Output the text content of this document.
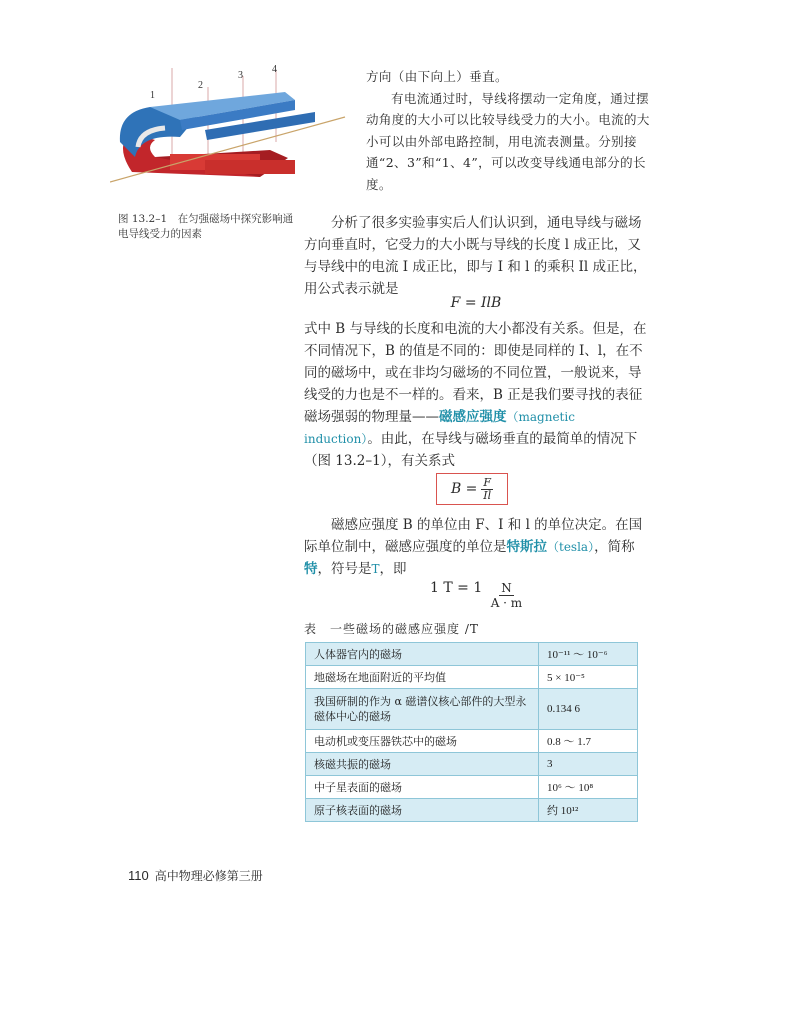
1
2
3
4
图 13.2–1　在匀强磁场中探究影响通电导线受力的因素

方向（由下向上）垂直。

有电流通过时，导线将摆动一定角度，通过摆动角度的大小可以比较导线受力的大小。电流的大小可以由外部电路控制，用电流表测量。分别接通“2、3”和“1、4”，可以改变导线通电部分的长度。

分析了很多实验事实后人们认识到，通电导线与磁场方向垂直时，它受力的大小既与导线的长度 l 成正比，又与导线中的电流 I 成正比，即与 I 和 l 的乘积 Il 成正比，用公式表示就是

F = IlB

式中 B 与导线的长度和电流的大小都没有关系。但是，在不同情况下，B 的值是不同的：即使是同样的 I、l，在不同的磁场中，或在非均匀磁场的不同位置，一般说来，导线受的力也是不一样的。看来，B 正是我们要寻找的表征磁场强弱的物理量——磁感应强度（magnetic induction）。由此，在导线与磁场垂直的最简单的情况下（图 13.2–1），有关系式

$B = \frac{F}{Il}$

磁感应强度 B 的单位由 F、I 和 l 的单位决定。在国际单位制中，磁感应强度的单位是特斯拉（tesla），简称特，符号是T，即

1 $T = 1 \frac{N}{A \cdot m}$
表　一些磁场的磁感应强度 /T
人体器官内的磁场	10⁻¹¹ ～ 10⁻⁶
地磁场在地面附近的平均值	5 × 10⁻⁵
我国研制的作为 α 磁谱仪核心部件的大型永磁体中心的磁场	0.134 6
电动机或变压器铁芯中的磁场	0.8 ～ 1.7
核磁共振的磁场	3
中子星表面的磁场	10⁶ ～ 10⁸
原子核表面的磁场	约 10¹²
110 高中物理必修第三册
